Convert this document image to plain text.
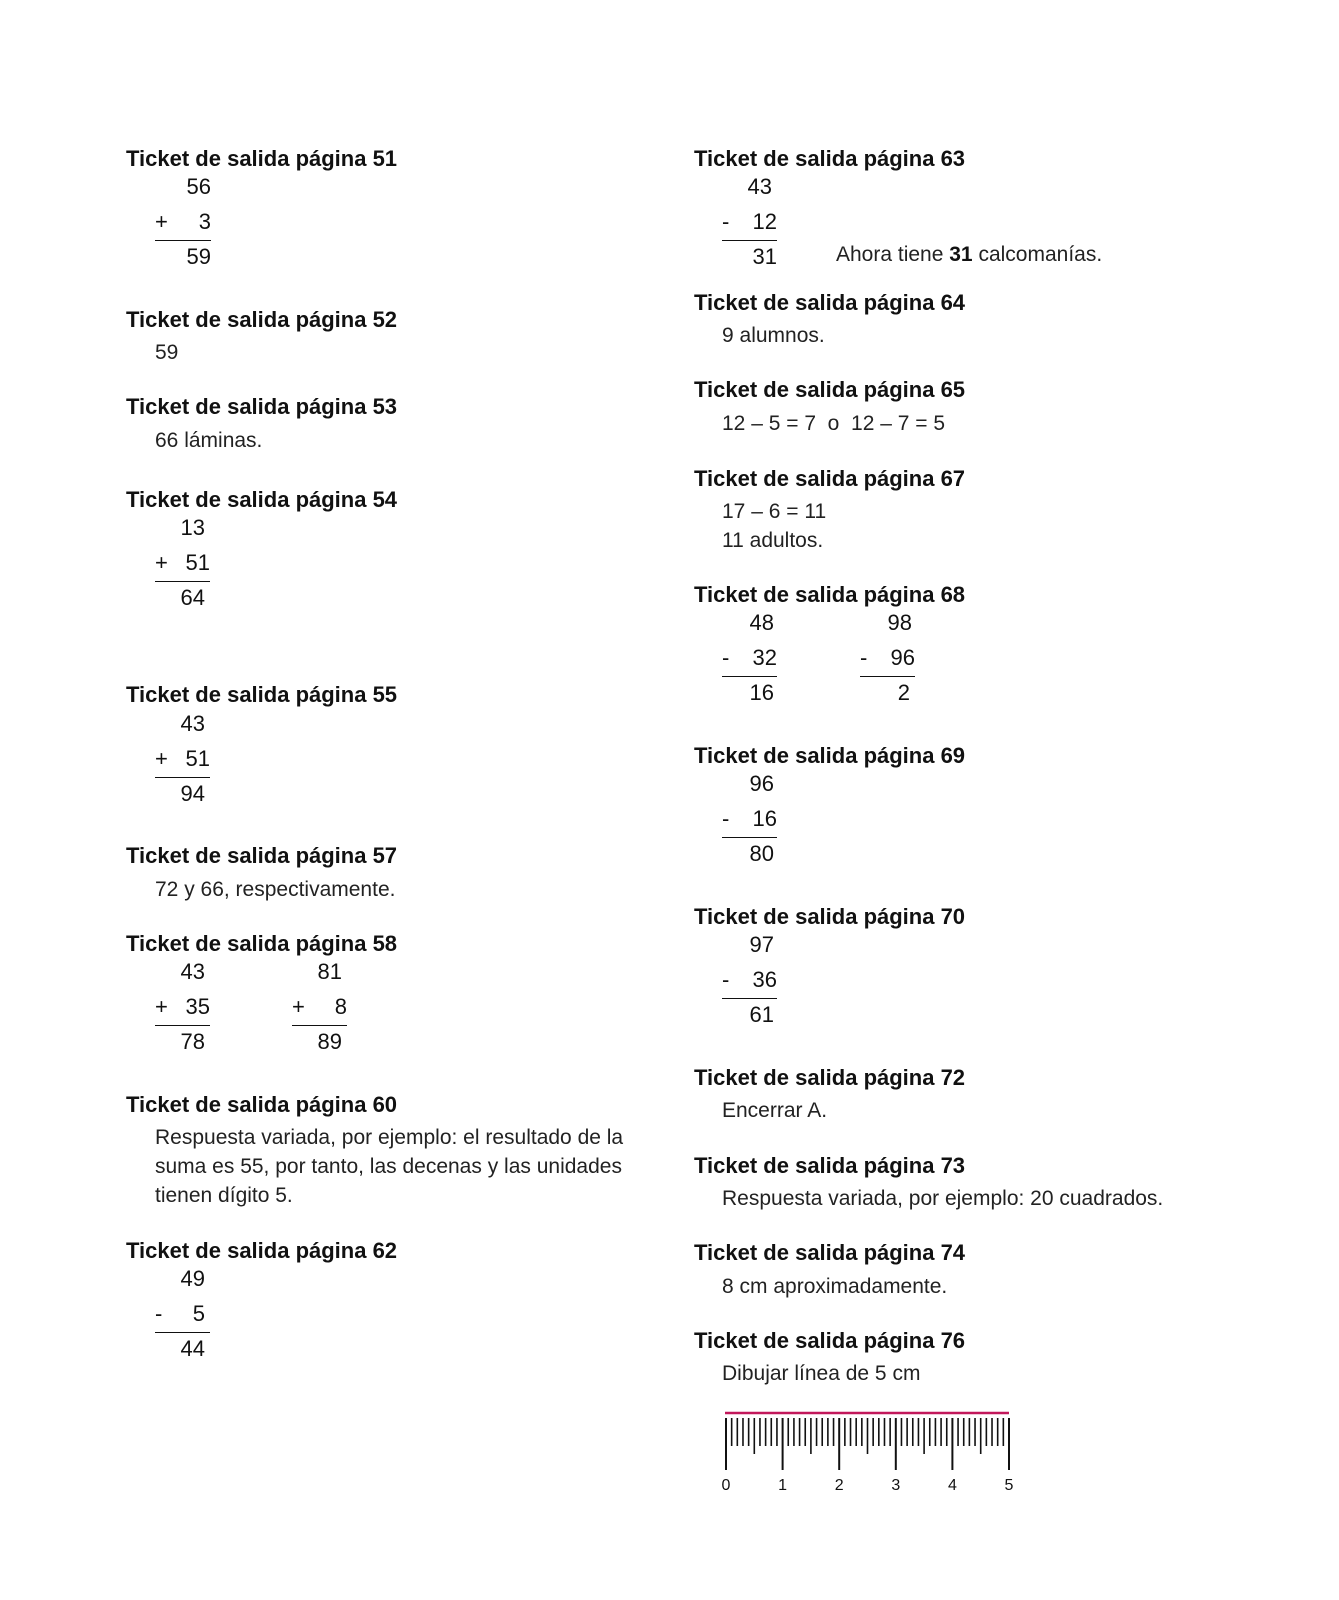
Ticket de salida página 51
56
+ 3
59
Ticket de salida página 52
59
Ticket de salida página 53
66 láminas.
Ticket de salida página 54
13
+ 51
64
Ticket de salida página 55
43
+ 51
94
Ticket de salida página 57
72 y 66, respectivamente.
Ticket de salida página 58
43
+ 35
78
81
+ 8
89
Ticket de salida página 60
Respuesta variada, por ejemplo: el resultado de la suma es 55, por tanto, las decenas y las unidades tienen dígito 5.
Ticket de salida página 62
49
- 5
44
Ticket de salida página 63
43
- 12
31	Ahora tiene 31 calcomanías.
Ticket de salida página 64
9 alumnos.
Ticket de salida página 65
12 – 5 = 7  o  12 – 7 = 5
Ticket de salida página 67
17 – 6 = 11
11 adultos.
Ticket de salida página 68
48
- 32
16
98
- 96
2
Ticket de salida página 69
96
- 16
80
Ticket de salida página 70
97
- 36
61
Ticket de salida página 72
Encerrar A.
Ticket de salida página 73
Respuesta variada, por ejemplo: 20 cuadrados.
Ticket de salida página 74
8 cm aproximadamente.
Ticket de salida página 76
Dibujar línea de 5 cm
0	1	2	3	4	5
